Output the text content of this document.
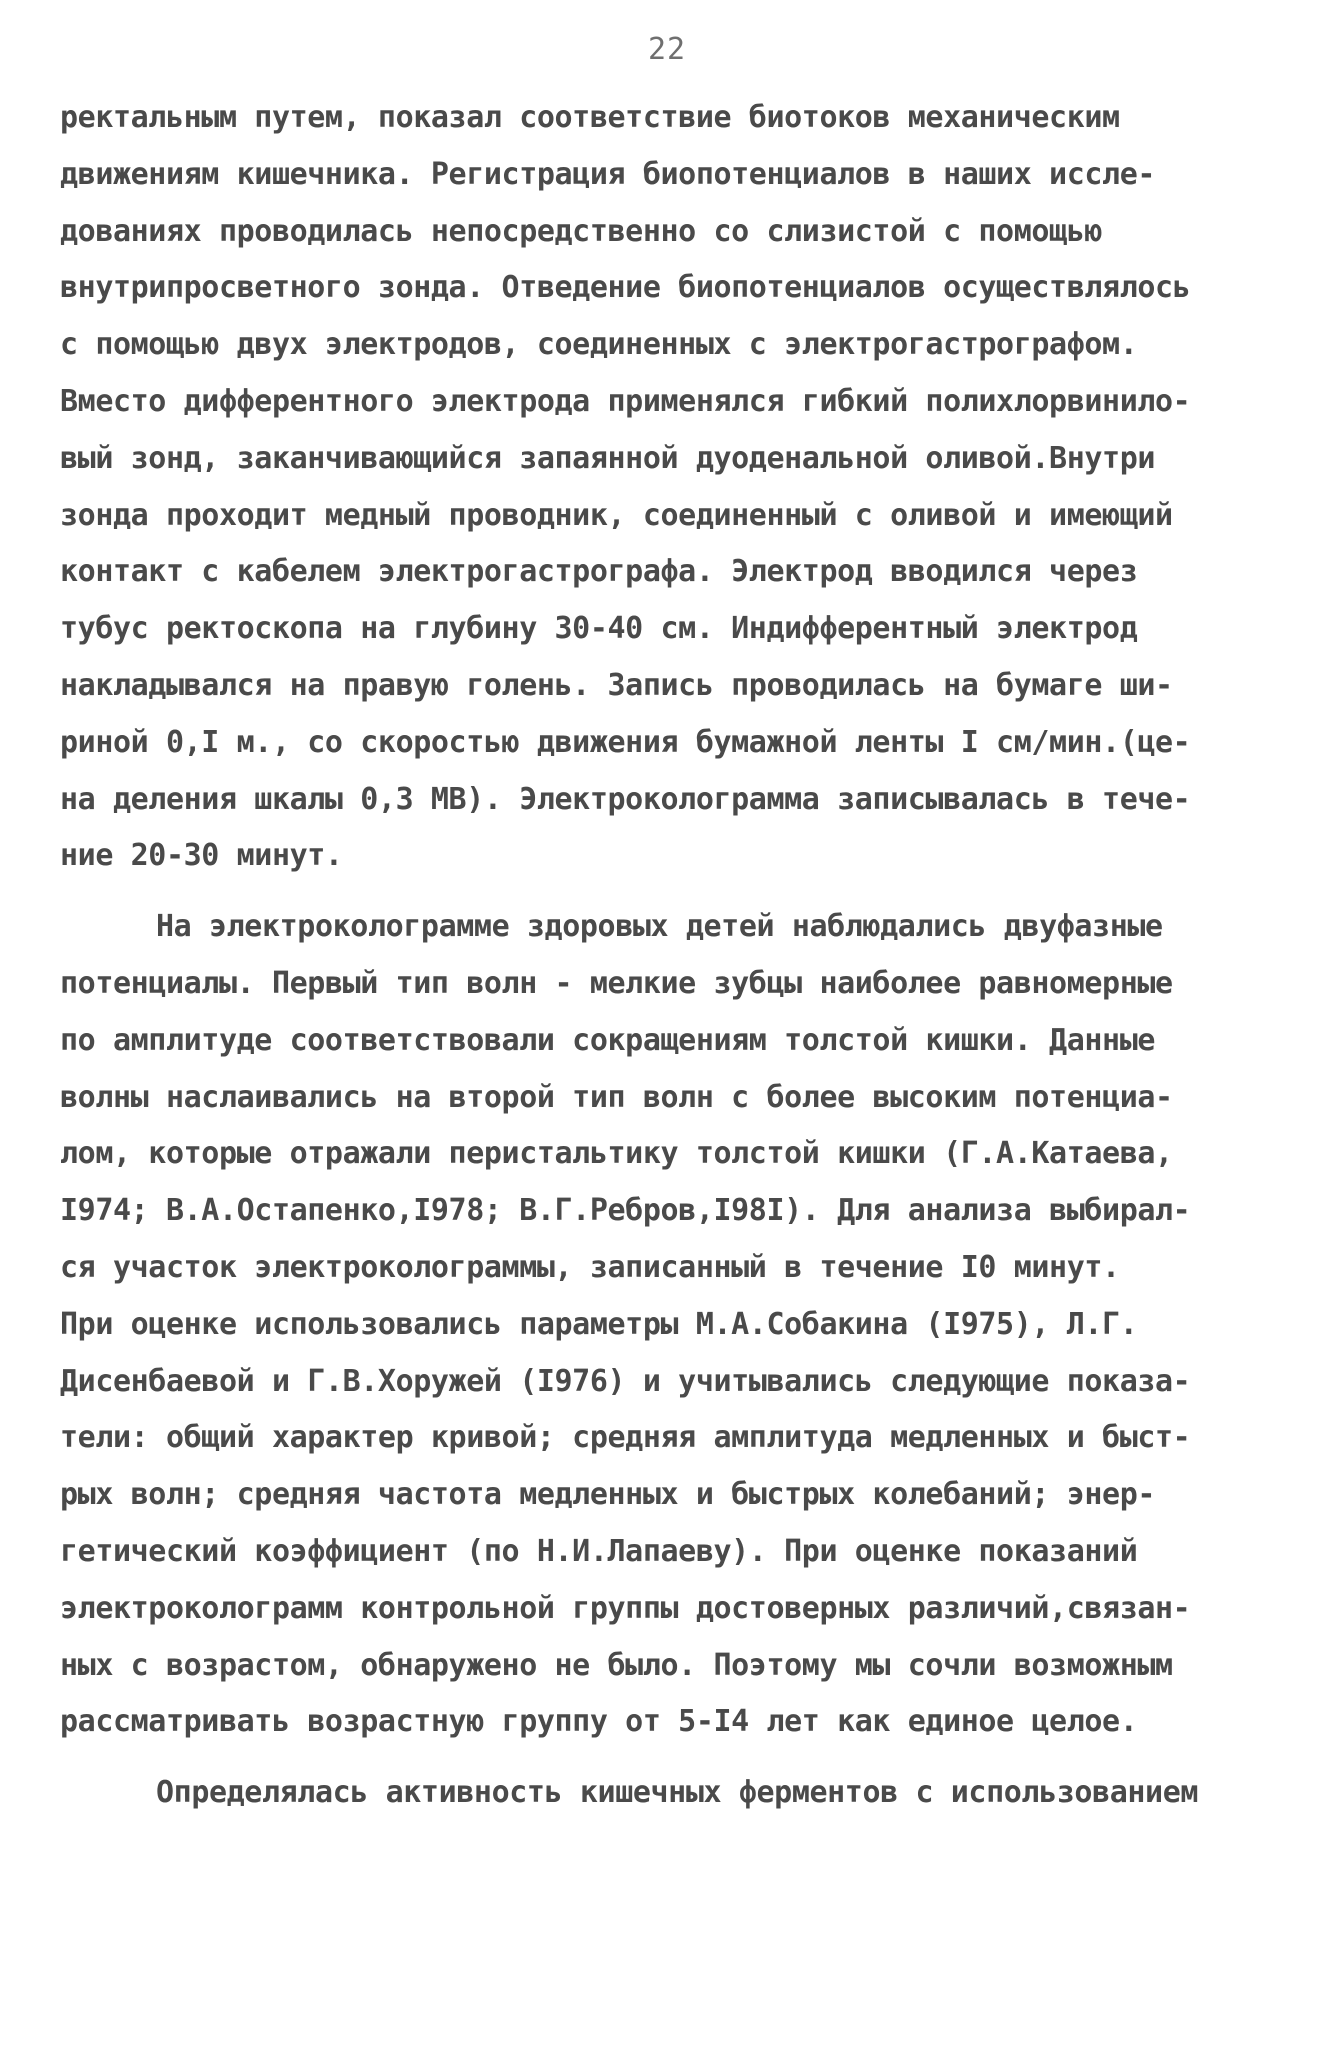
22
ректальным путем, показал соответствие биотоков механическим
движениям кишечника. Регистрация биопотенциалов в наших иссле-
дованиях проводилась непосредственно со слизистой с помощью
внутрипросветного зонда. Отведение биопотенциалов осуществлялось
с помощью двух электродов, соединенных с электрогастрографом.
Вместо дифферентного электрода применялся гибкий полихлорвинило-
вый зонд, заканчивающийся запаянной дуоденальной оливой.Внутри
зонда проходит медный проводник, соединенный с оливой и имеющий
контакт с кабелем электрогастрографа. Электрод вводился через
тубус ректоскопа на глубину 30-40 см. Индифферентный электрод
накладывался на правую голень. Запись проводилась на бумаге ши-
риной 0,I м., со скоростью движения бумажной ленты I см/мин.(це-
на деления шкалы 0,3 МВ). Электроколограмма записывалась в тече-
ние 20-30 минут.
На электроколограмме здоровых детей наблюдались двуфазные
потенциалы. Первый тип волн - мелкие зубцы наиболее равномерные
по амплитуде соответствовали сокращениям толстой кишки. Данные
волны наслаивались на второй тип волн с более высоким потенциа-
лом, которые отражали перистальтику толстой кишки (Г.А.Катаева,
I974; В.А.Остапенко,I978; В.Г.Ребров,I98I). Для анализа выбирал-
ся участок электроколограммы, записанный в течение I0 минут.
При оценке использовались параметры М.А.Собакина (I975), Л.Г.
Дисенбаевой и Г.В.Хоружей (I976) и учитывались следующие показа-
тели: общий характер кривой; средняя амплитуда медленных и быст-
рых волн; средняя частота медленных и быстрых колебаний; энер-
гетический коэффициент (по Н.И.Лапаеву). При оценке показаний
электроколограмм контрольной группы достоверных различий,связан-
ных с возрастом, обнаружено не было. Поэтому мы сочли возможным
рассматривать возрастную группу от 5-I4 лет как единое целое.
Определялась активность кишечных ферментов с использованием
